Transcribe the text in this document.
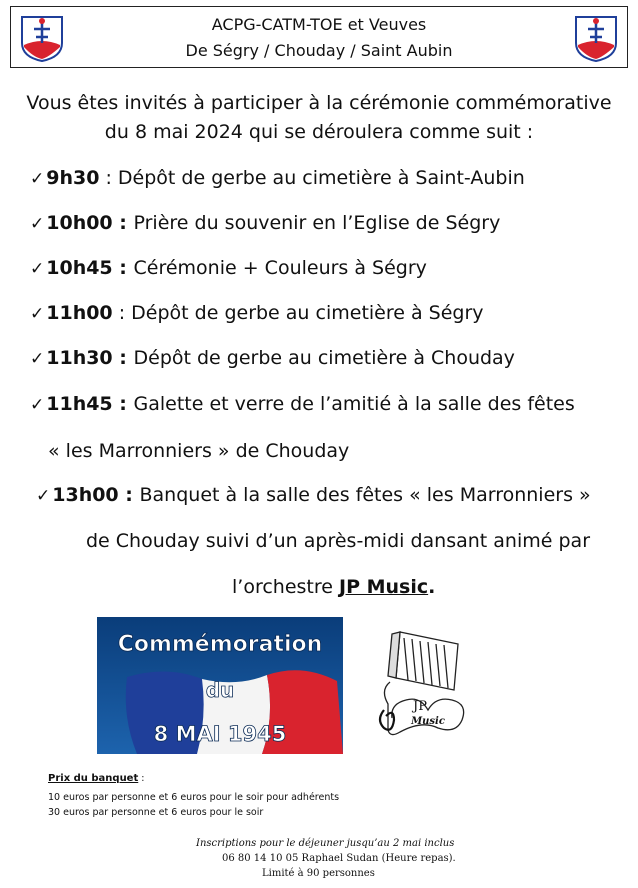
ACPG-CATM-TOE et Veuves
De Ségry / Chouday / Saint Aubin
Vous êtes invités à participer à la cérémonie commémorative
du 8 mai 2024 qui se déroulera comme suit :
✓ 9h30 : Dépôt de gerbe au cimetière à Saint-Aubin
✓ 10h00 : Prière du souvenir en l’Eglise de Ségry
✓ 10h45 : Cérémonie + Couleurs à Ségry
✓ 11h00 : Dépôt de gerbe au cimetière à Ségry
✓ 11h30 : Dépôt de gerbe au cimetière à Chouday
✓ 11h45 : Galette et verre de l’amitié à la salle des fêtes
« les Marronniers » de Chouday
✓ 13h00 : Banquet à la salle des fêtes « les Marronniers »
de Chouday suivi d’un après-midi dansant animé par
l’orchestre JP Music.
Commémoration
du
8 MAI 1945
JP
Music
Prix du banquet :
10 euros par personne et 6 euros pour le soir pour adhérents
30 euros par personne et 6 euros pour le soir
Inscriptions pour le déjeuner jusqu’au 2 mai inclus
06 80 14 10 05 Raphael Sudan (Heure repas).
Limité à 90 personnes
